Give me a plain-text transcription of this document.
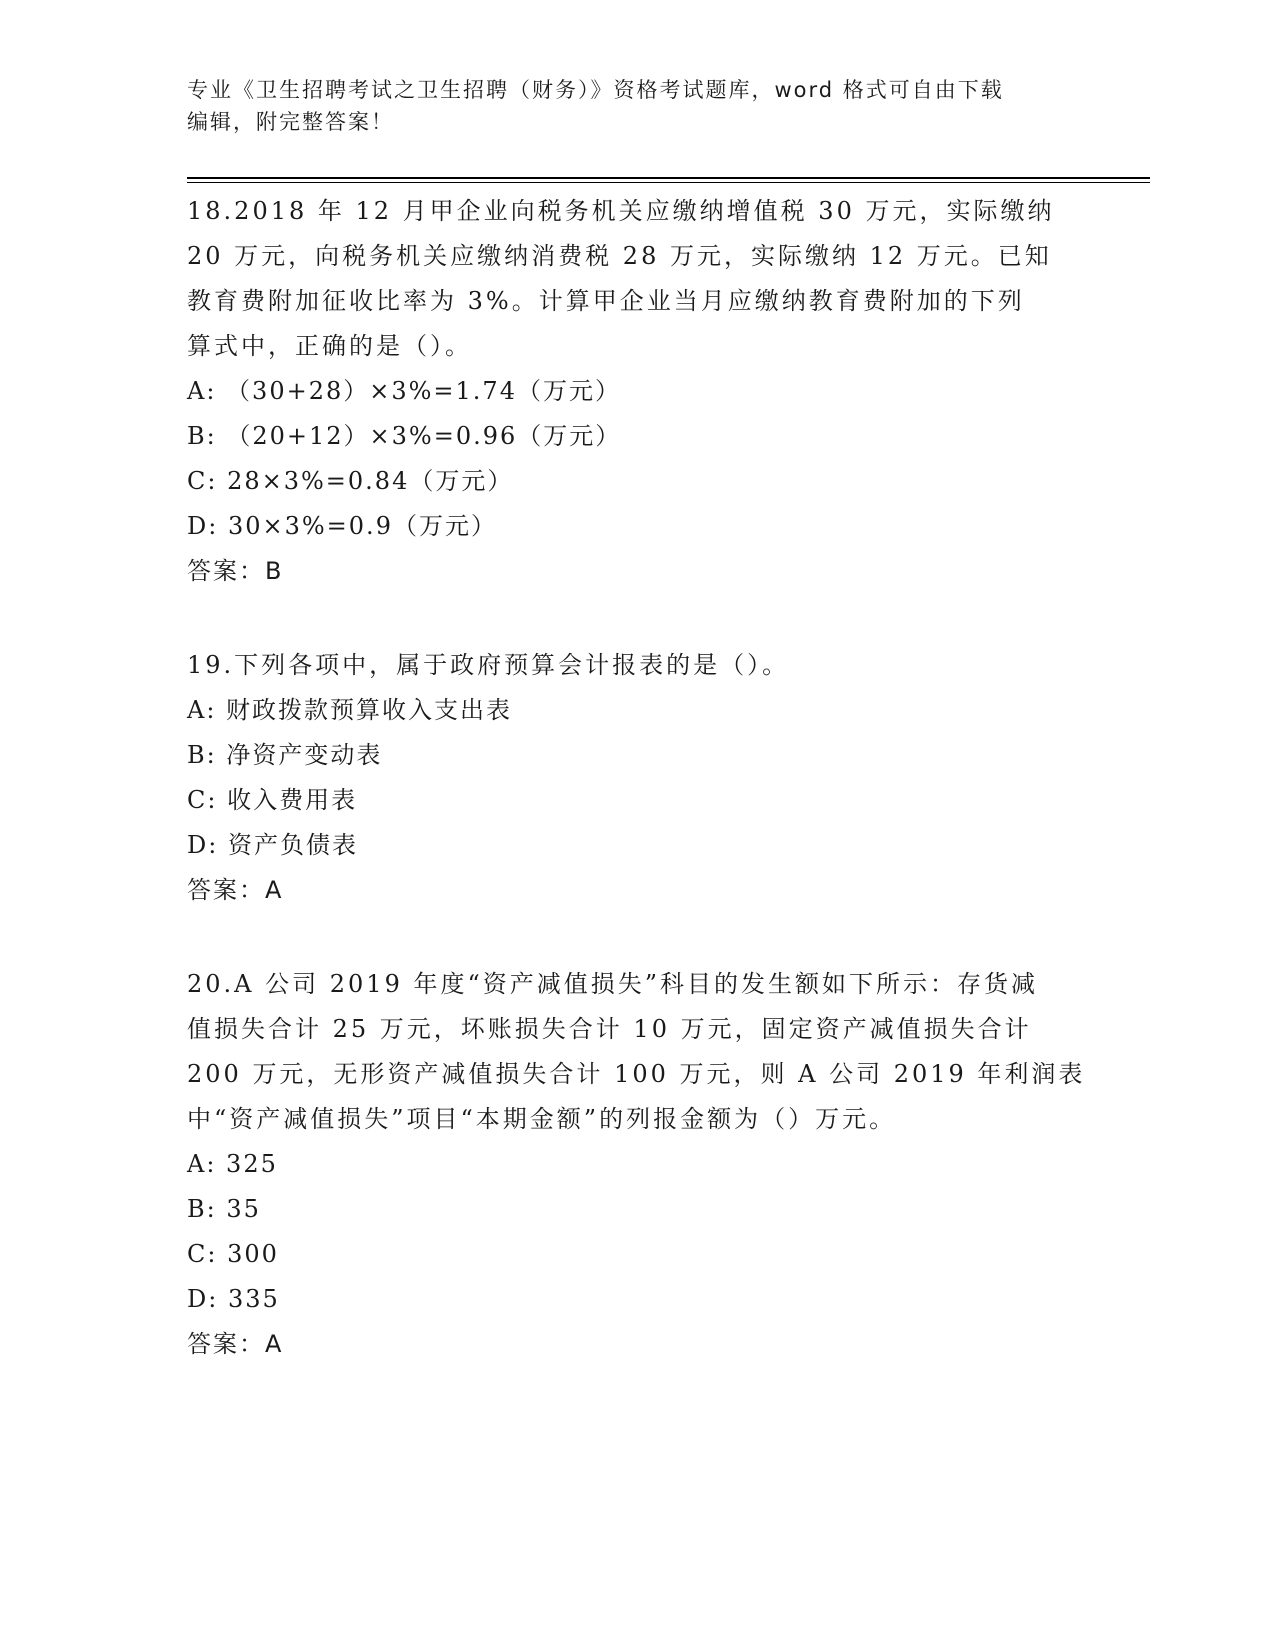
专业《卫生招聘考试之卫生招聘（财务）》资格考试题库，word 格式可自由下载
编辑，附完整答案！

18.2018 年 12 月甲企业向税务机关应缴纳增值税 30 万元，实际缴纳

20 万元，向税务机关应缴纳消费税 28 万元，实际缴纳 12 万元。已知

教育费附加征收比率为 3%。计算甲企业当月应缴纳教育费附加的下列

算式中，正确的是（）。

A: （30+28）×3%=1.74（万元）

B: （20+12）×3%=0.96（万元）

C: 28×3%=0.84（万元）

D: 30×3%=0.9（万元）

答案：B

19.下列各项中，属于政府预算会计报表的是（）。

A: 财政拨款预算收入支出表

B: 净资产变动表

C: 收入费用表

D: 资产负债表

答案：A

20.A 公司 2019 年度“资产减值损失”科目的发生额如下所示：存货减

值损失合计 25 万元，坏账损失合计 10 万元，固定资产减值损失合计

200 万元，无形资产减值损失合计 100 万元，则 A 公司 2019 年利润表

中“资产减值损失”项目“本期金额”的列报金额为（）万元。

A: 325

B: 35

C: 300

D: 335

答案：A
